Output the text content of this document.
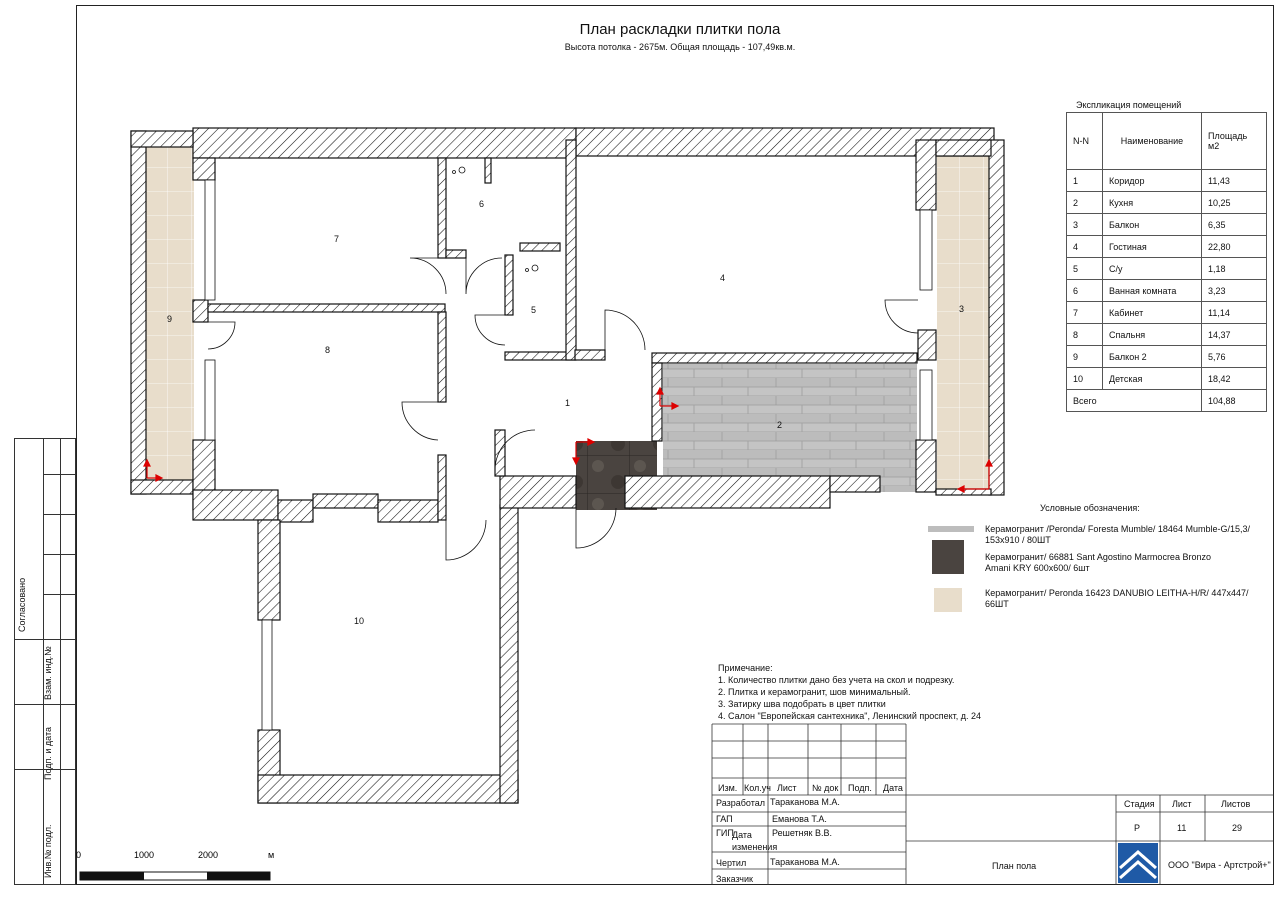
План раскладки плитки пола
Высота потолка - 2675м. Общая площадь - 107,49кв.м.
1
2
3
4
5
6
7
8
9
10
0	1000	2000	м
Экспликация помещений
N-N	Наименование	Площадь м2
1	Коридор	11,43
2	Кухня	10,25
3	Балкон	6,35
4	Гостиная	22,80
5	С/у	1,18
6	Ванная комната	3,23
7	Кабинет	11,14
8	Спальня	14,37
9	Балкон 2	5,76
10	Детская	18,42
Всего		104,88
Условные обозначения:
Керамогранит /Peronda/ Foresta Mumble/ 18464 Mumble-G/15,3/ 153x910 / 80ШТ
Керамогранит/ 66881 Sant Agostino Marmocrea Bronzo Amani KRY 600x600/ 6шт
Керамогранит/ Peronda 16423 DANUBIO LEITHA-H/R/ 447x447/ 66ШТ
Примечание:
1. Количество плитки дано без учета на скол и подрезку.
2. Плитка и керамогранит, шов минимальный.
3. Затирку шва подобрать в цвет плитки
4. Салон "Европейская сантехника", Ленинский проспект, д. 24
Согласовано
Взам. инд.№
Подп. и дата
Инв.№ подл.
Изм. Кол.уч Лист № док Подп. Дата
Разработал Тараканова М.А.
ГАП	Еманова Т.А.
ГИП
Дата изменения
Решетняк В.В.
Чертил	Тараканова М.А.
Заказчик
Стадия Лист	Листов
Р	11	29
План пола	ООО "Вира - Артстрой+"
